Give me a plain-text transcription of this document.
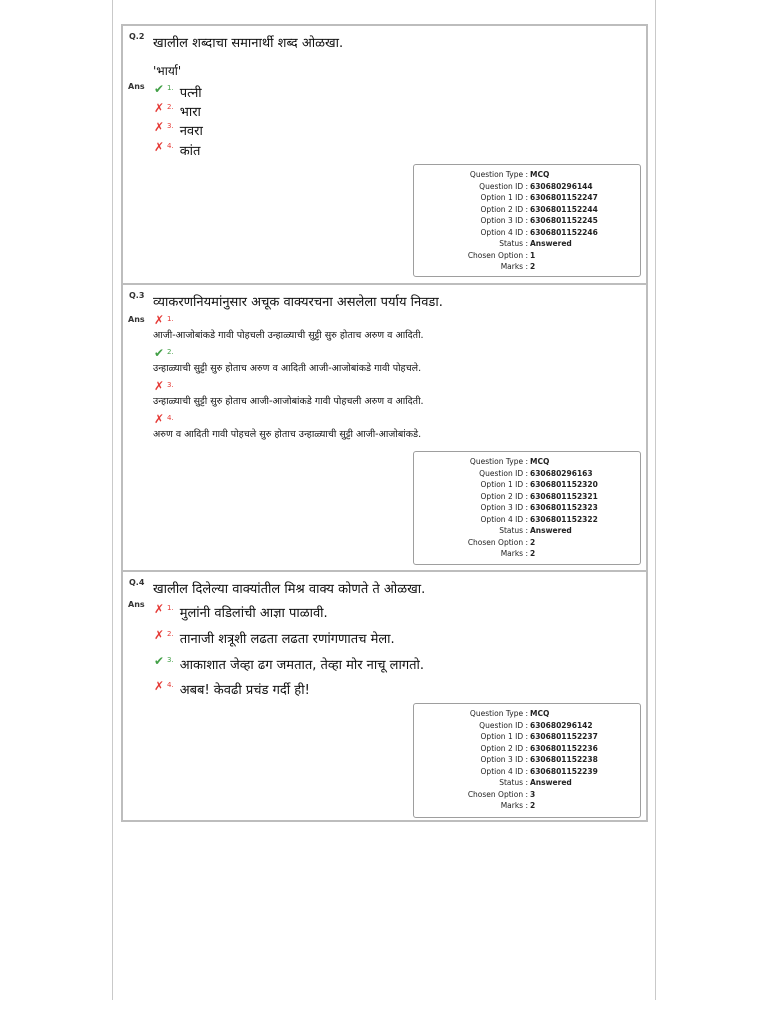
Q.2 खालील शब्दाचा समानार्थी शब्द ओळखा.
'भार्या'
Ans ✔ 1. पत्नी
✗ 2. भारा
✗ 3. नवरा
✗ 4. कांत
Question Type : MCQ
Question ID : 630680296144
Option 1 ID : 6306801152247
Option 2 ID : 6306801152244
Option 3 ID : 6306801152245
Option 4 ID : 6306801152246
Status : Answered
Chosen Option : 1
Marks : 2
Q.3 व्याकरणनियमांनुसार अचूक वाक्यरचना असलेला पर्याय निवडा.
Ans ✗ 1.
आजी-आजोबांकडे गावी पोहचली उन्हाळ्याची सुट्टी सुरु होताच अरुण व आदिती.
✔ 2.
उन्हाळ्याची सुट्टी सुरु होताच अरुण व आदिती आजी-आजोबांकडे गावी पोहचले.
✗ 3.
उन्हाळ्याची सुट्टी सुरु होताच आजी-आजोबांकडे गावी पोहचली अरुण व आदिती.
✗ 4.
अरुण व आदिती गावी पोहचले सुरु होताच उन्हाळ्याची सुट्टी आजी-आजोबांकडे.
Question Type : MCQ
Question ID : 630680296163
Option 1 ID : 6306801152320
Option 2 ID : 6306801152321
Option 3 ID : 6306801152323
Option 4 ID : 6306801152322
Status : Answered
Chosen Option : 2
Marks : 2
Q.4 खालील दिलेल्या वाक्यांतील मिश्र वाक्य कोणते ते ओळखा.
Ans ✗ 1. मुलांनी वडिलांची आज्ञा पाळावी.
✗ 2. तानाजी शत्रूशी लढता लढता रणांगणातच मेला.
✔ 3. आकाशात जेव्हा ढग जमतात, तेव्हा मोर नाचू लागतो.
✗ 4. अबब! केवढी प्रचंड गर्दी ही!
Question Type : MCQ
Question ID : 630680296142
Option 1 ID : 6306801152237
Option 2 ID : 6306801152236
Option 3 ID : 6306801152238
Option 4 ID : 6306801152239
Status : Answered
Chosen Option : 3
Marks : 2
